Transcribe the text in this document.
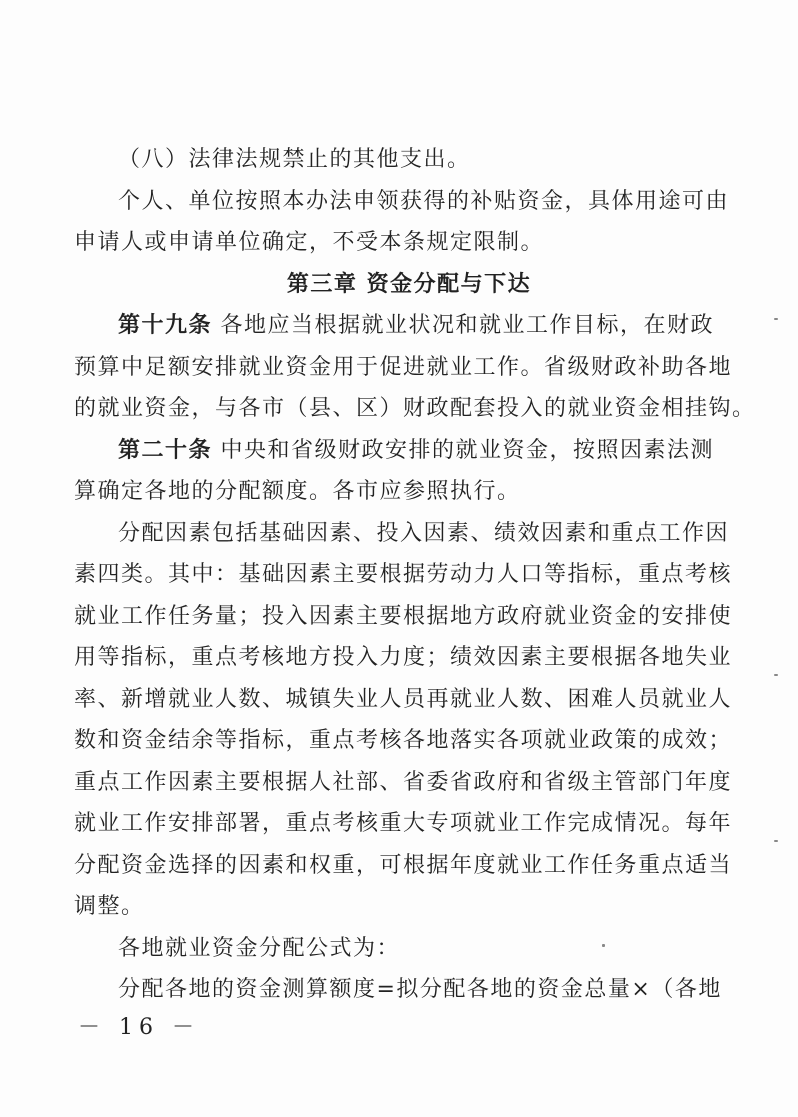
（八）法律法规禁止的其他支出。
个人、单位按照本办法申领获得的补贴资金，具体用途可由
申请人或申请单位确定，不受本条规定限制。
第三章 资金分配与下达
第十九条 各地应当根据就业状况和就业工作目标，在财政
预算中足额安排就业资金用于促进就业工作。省级财政补助各地
的就业资金，与各市（县、区）财政配套投入的就业资金相挂钩。
第二十条 中央和省级财政安排的就业资金，按照因素法测
算确定各地的分配额度。各市应参照执行。
分配因素包括基础因素、投入因素、绩效因素和重点工作因
素四类。其中：基础因素主要根据劳动力人口等指标，重点考核
就业工作任务量；投入因素主要根据地方政府就业资金的安排使
用等指标，重点考核地方投入力度；绩效因素主要根据各地失业
率、新增就业人数、城镇失业人员再就业人数、困难人员就业人
数和资金结余等指标，重点考核各地落实各项就业政策的成效；
重点工作因素主要根据人社部、省委省政府和省级主管部门年度
就业工作安排部署，重点考核重大专项就业工作完成情况。每年
分配资金选择的因素和权重，可根据年度就业工作任务重点适当
调整。
各地就业资金分配公式为：
分配各地的资金测算额度=拟分配各地的资金总量×（各地
－ 16 －
